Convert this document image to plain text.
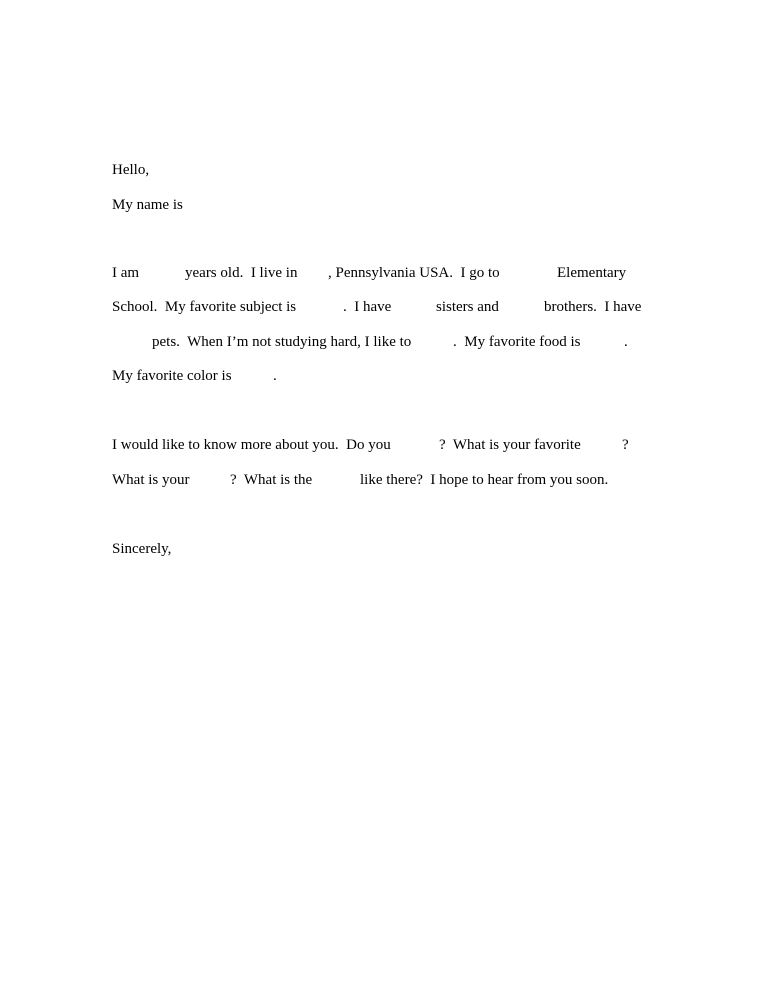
Hello,
My name is
I am	years old.  I live in , Pennsylvania USA.  I go to	Elementary
School.  My favorite subject is	.  I have	sisters and	brothers.  I have
pets.  When I’m not studying hard, I like to	.  My favorite food is	.
My favorite color is	.
I would like to know more about you.  Do you	?  What is your favorite	?
What is your	?  What is the	like there?  I hope to hear from you soon.
Sincerely,
